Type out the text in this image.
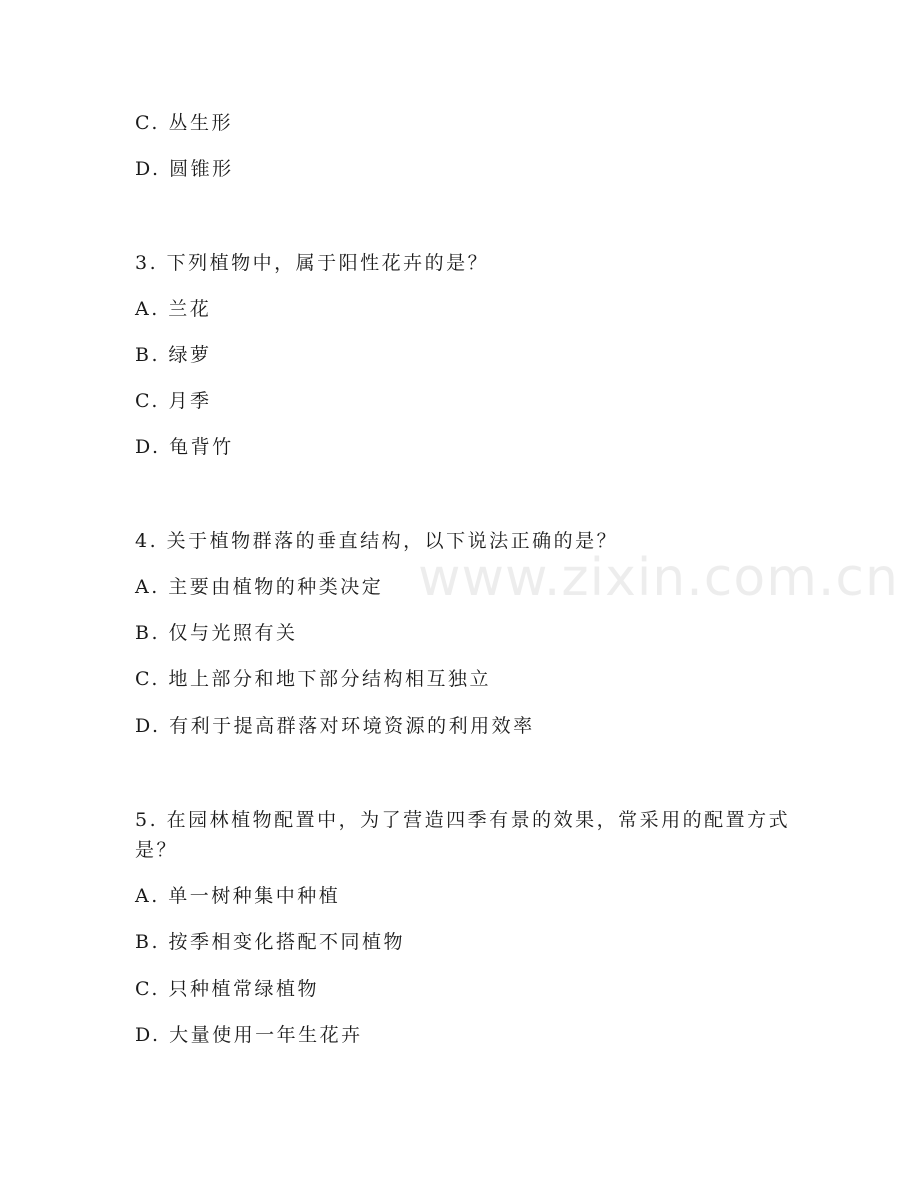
www.zixin.com.cn
C. 丛生形
D. 圆锥形
3. 下列植物中，属于阳性花卉的是？
A. 兰花
B. 绿萝
C. 月季
D. 龟背竹
4. 关于植物群落的垂直结构，以下说法正确的是？
A. 主要由植物的种类决定
B. 仅与光照有关
C. 地上部分和地下部分结构相互独立
D. 有利于提高群落对环境资源的利用效率
5. 在园林植物配置中，为了营造四季有景的效果，常采用的配置方式
是？
A. 单一树种集中种植
B. 按季相变化搭配不同植物
C. 只种植常绿植物
D. 大量使用一年生花卉
